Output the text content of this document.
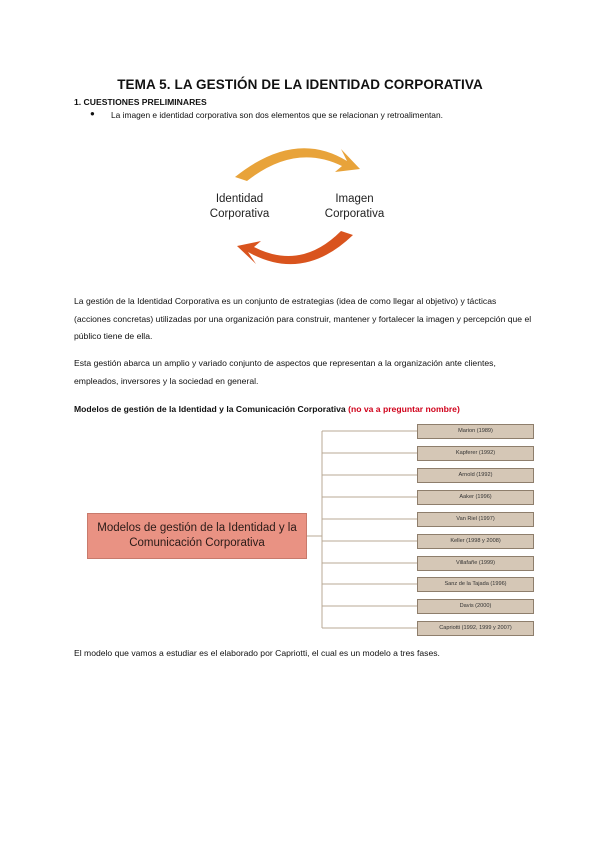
TEMA 5. LA GESTIÓN DE LA IDENTIDAD CORPORATIVA
1. CUESTIONES PRELIMINARES
● La imagen e identidad corporativa son dos elementos que se relacionan y retroalimentan.
Identidad
Corporativa
Imagen
Corporativa
La gestión de la Identidad Corporativa es un conjunto de estrategias (idea de como llegar al objetivo) y tácticas (acciones concretas) utilizadas por una organización para construir, mantener y fortalecer la imagen y percepción que el público tiene de ella.
Esta gestión abarca un amplio y variado conjunto de aspectos que representan a la organización ante clientes, empleados, inversores y la sociedad en general.
Modelos de gestión de la Identidad y la Comunicación Corporativa (no va a preguntar nombre)
Modelos de gestión de la Identidad y la Comunicación Corporativa
Marion (1989)
Kapferer (1992)
Arnold (1992)
Aaker (1996)
Van Riel (1997)
Keller (1998 y 2008)
Villafañe (1999)
Sanz de la Tajada (1996)
Davis (2000)
Capriotti (1992, 1999 y 2007)
El modelo que vamos a estudiar es el elaborado por Capriotti, el cual es un modelo a tres fases.
